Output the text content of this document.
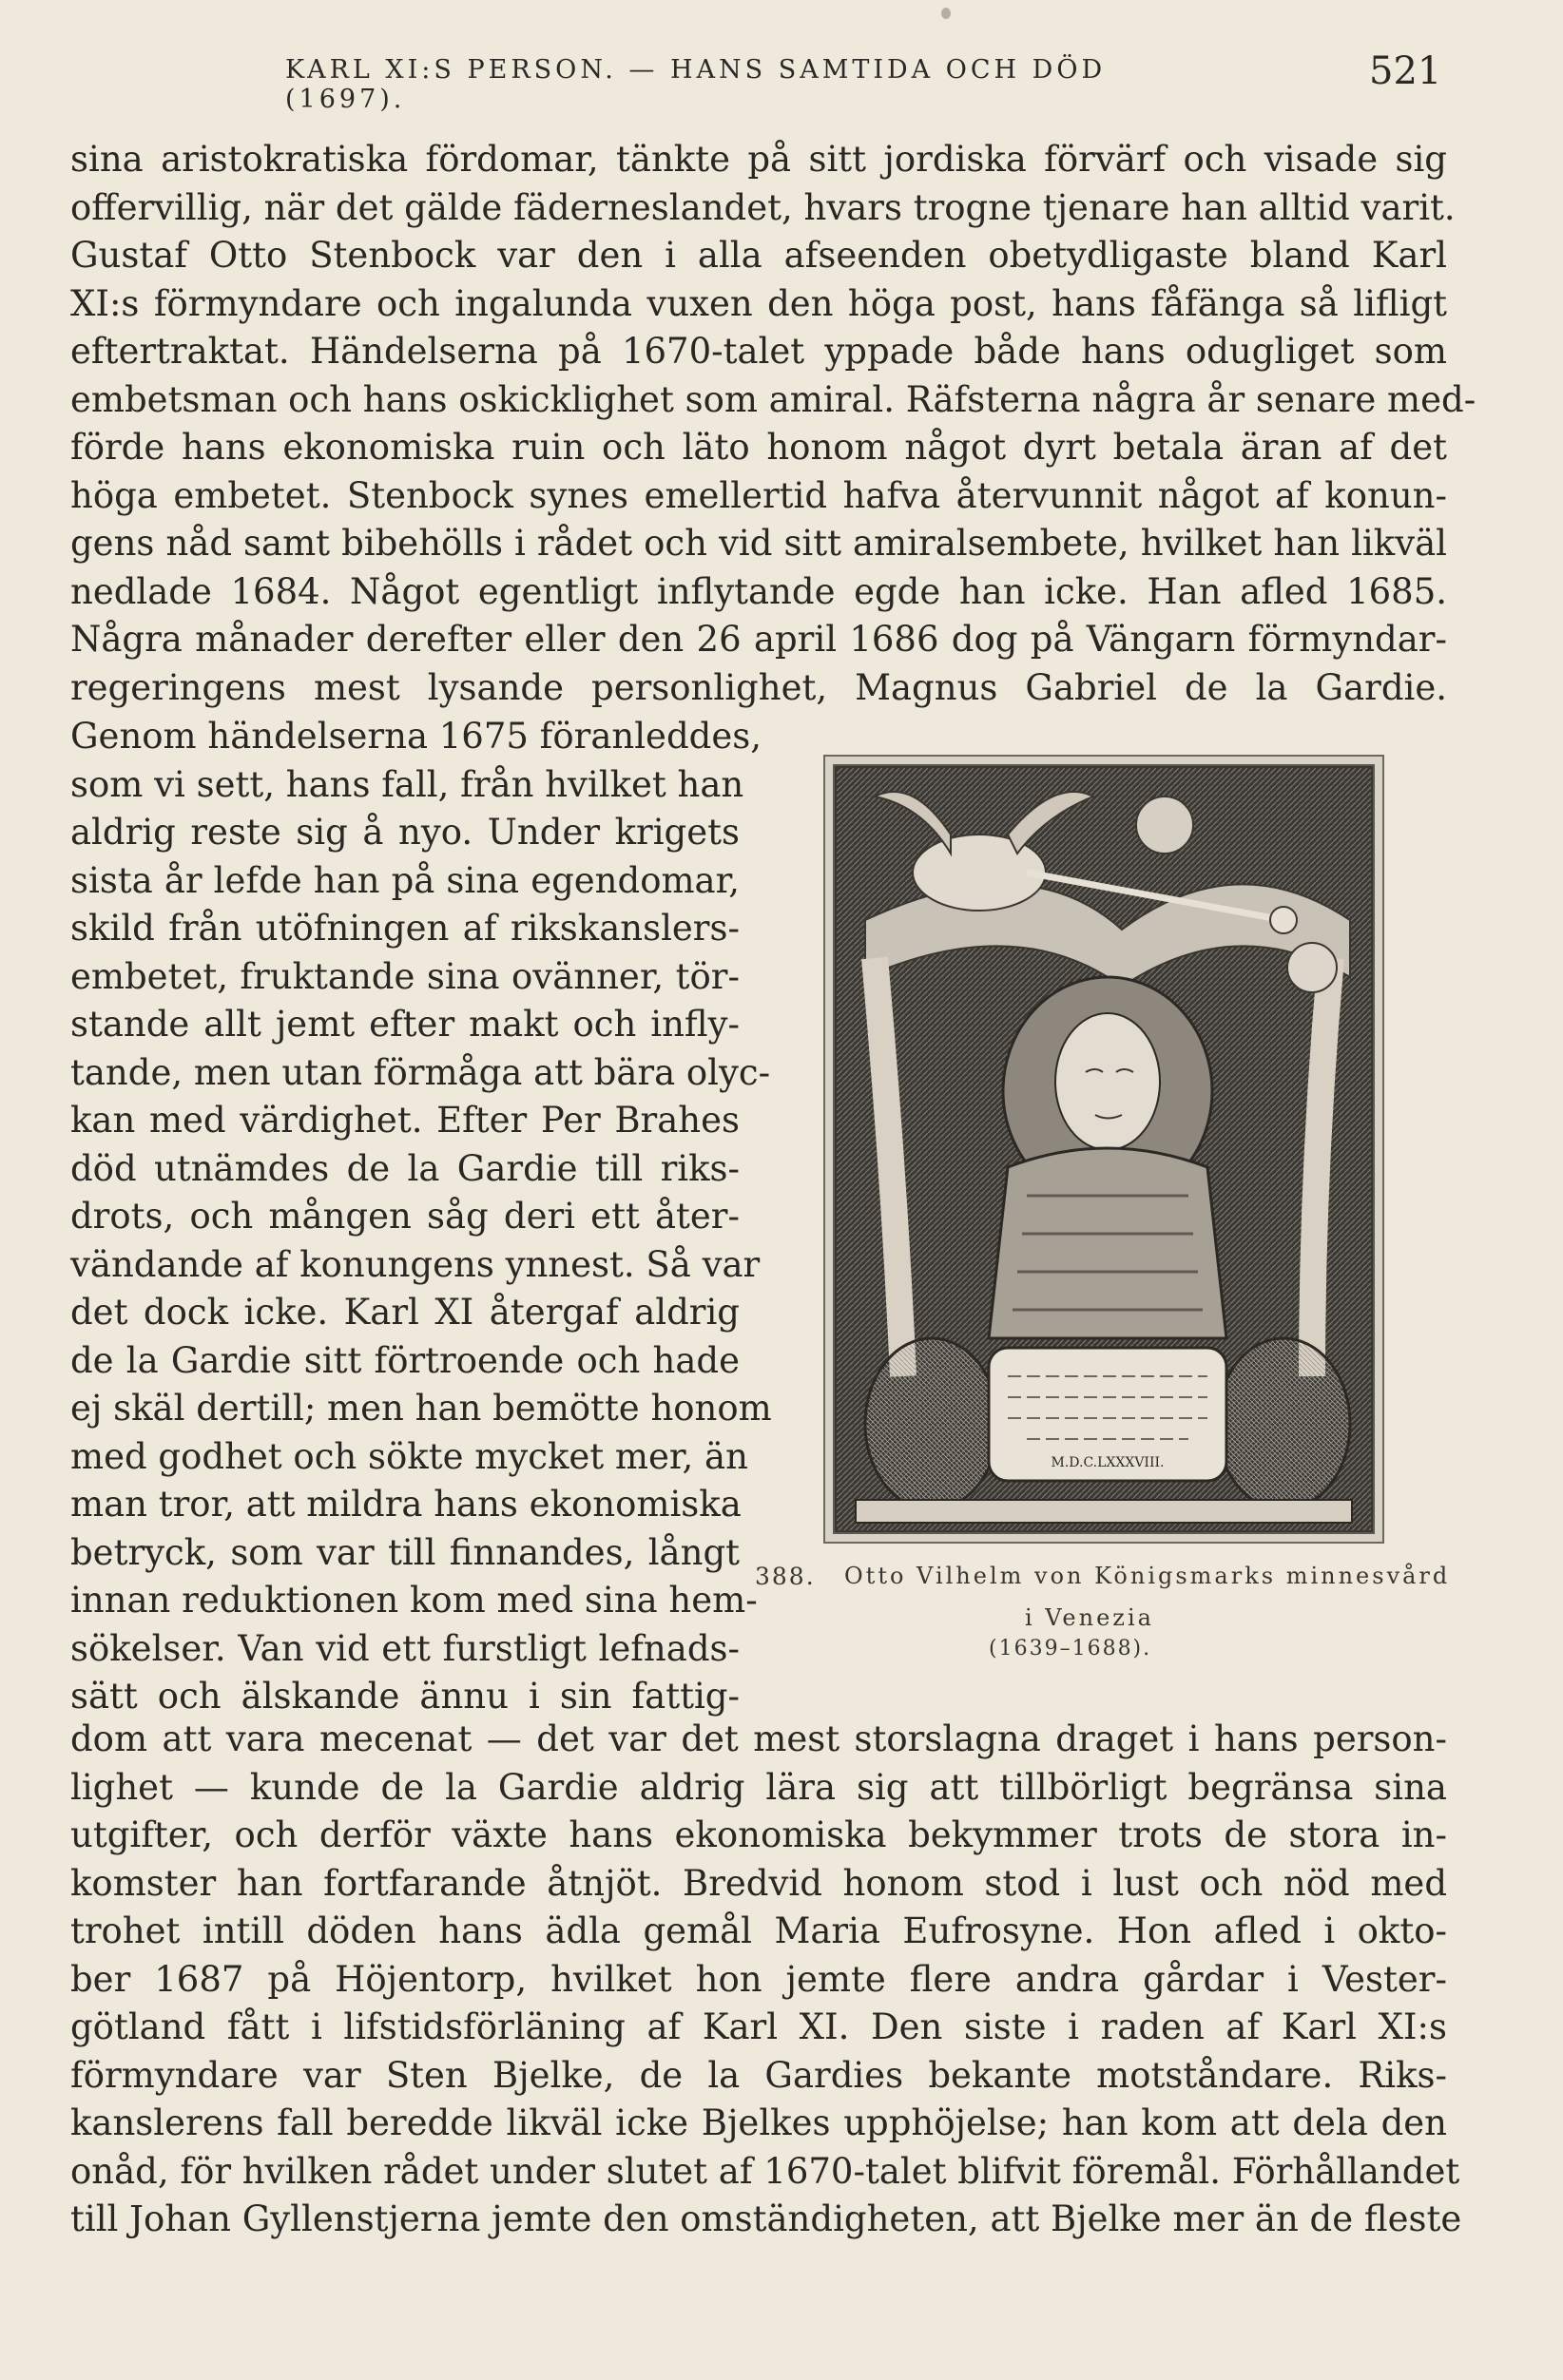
KARL XI:S PERSON. — HANS SAMTIDA OCH DÖD (1697).
521
sina aristokratiska fördomar, tänkte på sitt jordiska förvärf och visade sig
offervillig, när det gälde fäderneslandet, hvars trogne tjenare han alltid varit.
Gustaf Otto Stenbock var den i alla afseenden obetydligaste bland Karl
XI:s förmyndare och ingalunda vuxen den höga post, hans fåfänga så lifligt
eftertraktat. Händelserna på 1670-talet yppade både hans odugliget som
embetsman och hans oskicklighet som amiral. Räfsterna några år senare med-
förde hans ekonomiska ruin och läto honom något dyrt betala äran af det
höga embetet. Stenbock synes emellertid hafva återvunnit något af konun-
gens nåd samt bibehölls i rådet och vid sitt amiralsembete, hvilket han likväl
nedlade 1684. Något egentligt inflytande egde han icke. Han afled 1685.
Några månader derefter eller den 26 april 1686 dog på Vängarn förmyndar-
regeringens mest lysande personlighet, Magnus Gabriel de la Gardie.
Genom händelserna 1675 föranleddes,
som vi sett, hans fall, från hvilket han
aldrig reste sig å nyo. Under krigets
sista år lefde han på sina egendomar,
skild från utöfningen af rikskanslers-
embetet, fruktande sina ovänner, tör-
stande allt jemt efter makt och infly-
tande, men utan förmåga att bära olyc-
kan med värdighet. Efter Per Brahes
död utnämdes de la Gardie till riks-
drots, och mången såg deri ett åter-
vändande af konungens ynnest. Så var
det dock icke. Karl XI återgaf aldrig
de la Gardie sitt förtroende och hade
ej skäl dertill; men han bemötte honom
med godhet och sökte mycket mer, än
man tror, att mildra hans ekonomiska
betryck, som var till finnandes, långt
innan reduktionen kom med sina hem-
sökelser. Van vid ett furstligt lefnads-
sätt och älskande ännu i sin fattig-
dom att vara mecenat — det var det mest storslagna draget i hans person-
lighet — kunde de la Gardie aldrig lära sig att tillbörligt begränsa sina
utgifter, och derför växte hans ekonomiska bekymmer trots de stora in-
komster han fortfarande åtnjöt. Bredvid honom stod i lust och nöd med
trohet intill döden hans ädla gemål Maria Eufrosyne. Hon afled i okto-
ber 1687 på Höjentorp, hvilket hon jemte flere andra gårdar i Vester-
götland fått i lifstidsförläning af Karl XI. Den siste i raden af Karl XI:s
förmyndare var Sten Bjelke, de la Gardies bekante motståndare. Riks-
kanslerens fall beredde likväl icke Bjelkes upphöjelse; han kom att dela den
onåd, för hvilken rådet under slutet af 1670-talet blifvit föremål. Förhållandet
till Johan Gyllenstjerna jemte den omständigheten, att Bjelke mer än de fleste
M.D.C.LXXXVIII.
388. Otto Vilhelm von Königsmarks minnesvård
i Venezia
(1639–1688).
